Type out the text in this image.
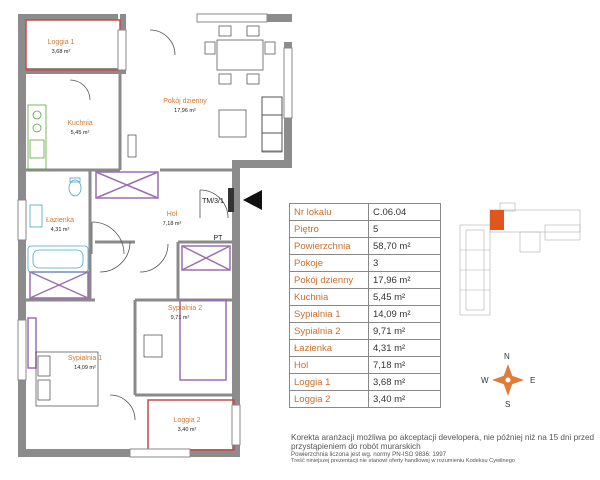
Loggia 1
3,68 m²
Pokój dzienny
17,96 m²
Kuchnia
5,45 m²
Łazienka
4,31 m²
Hol
7,18 m²
Sypialnia 2
9,71 m²
Sypialnia 1
14,09 m²
Loggia 2
3,40 m²
TM/3/1
PT
Nr lokalu	C.06.04
Piętro	5
Powierzchnia	58,70 m²
Pokoje	3
Pokój dzienny	17,96 m²
Kuchnia	5,45 m²
Sypialnia 1	14,09 m²
Sypialnia 2	9,71 m²
Łazienka	4,31 m²
Hol	7,18 m²
Loggia 1	3,68 m²
Loggia 2	3,40 m²
N
S
W	E
Korekta aranżacji możliwa po akceptacji developera, nie później niż na 15 dni przed przystąpieniem do robót murarskich
Powierzchnia liczona jest wg. normy PN-ISO 9836: 1997
Treść niniejszej prezentacji nie stanowi oferty handlowej w rozumieniu Kodeksu Cywilnego
